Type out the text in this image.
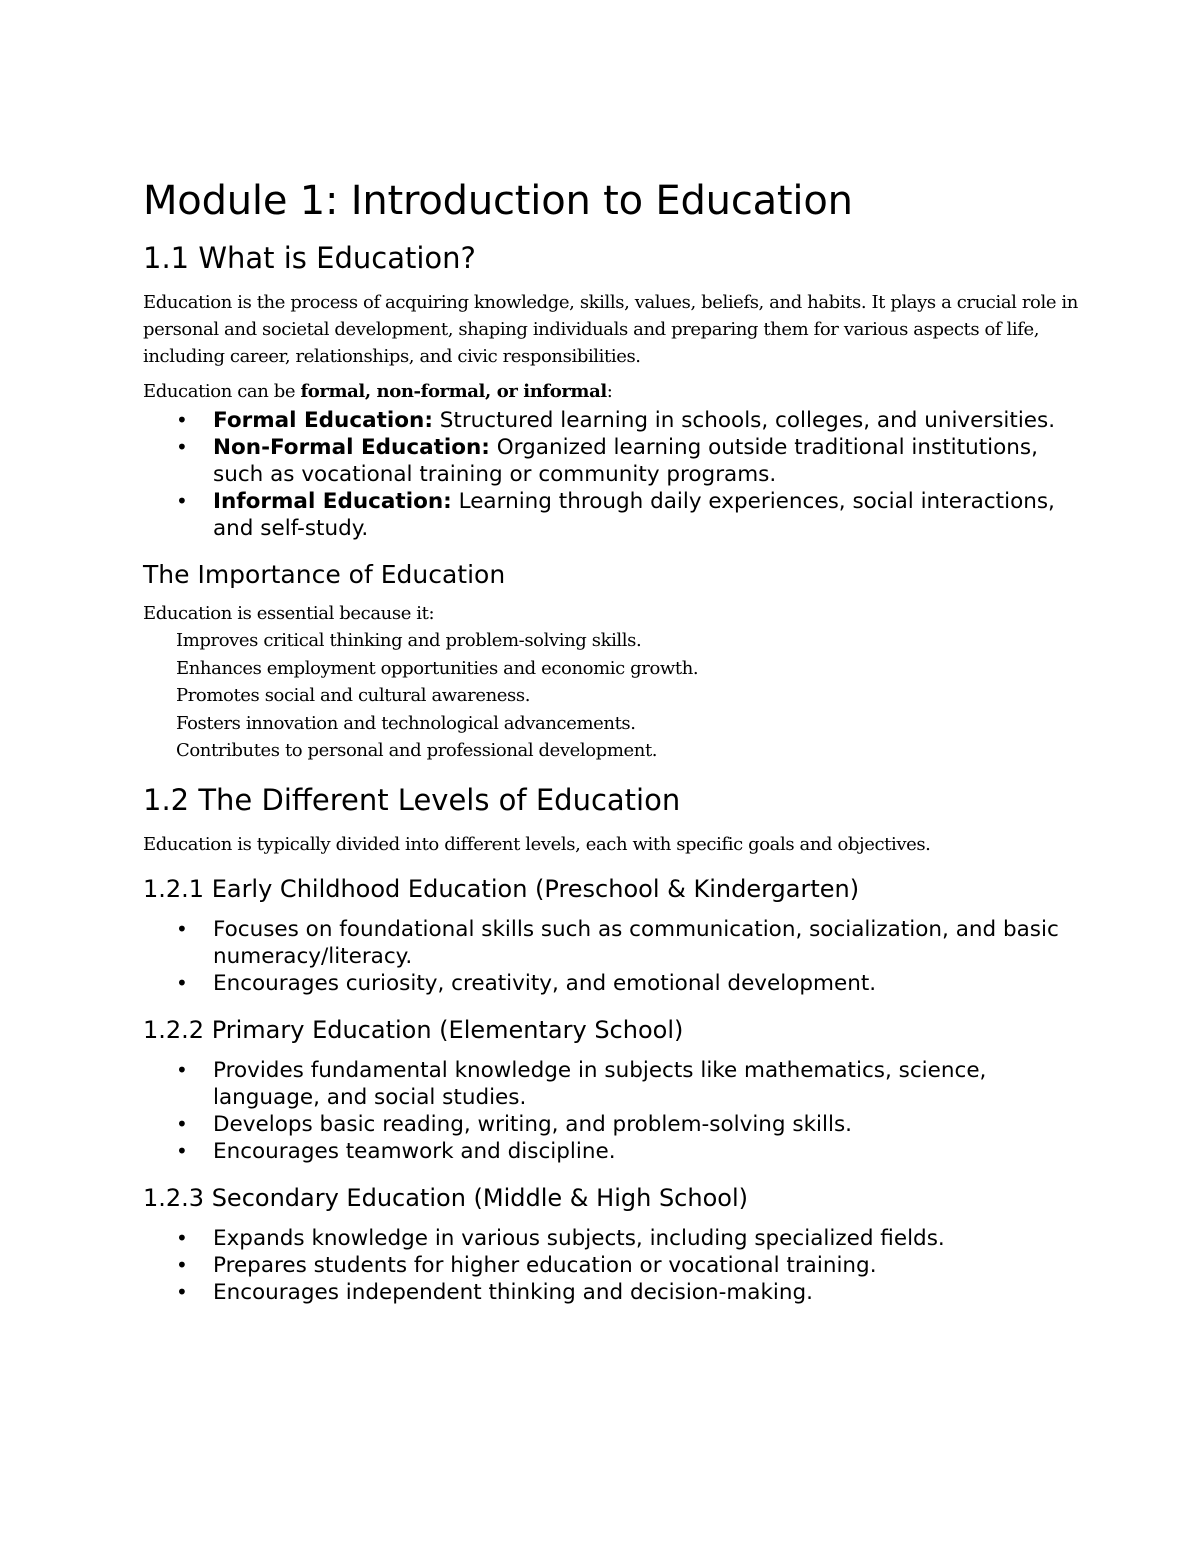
Module 1: Introduction to Education
1.1 What is Education?

Education is the process of acquiring knowledge, skills, values, beliefs, and habits. It plays a crucial role in personal and societal development, shaping individuals and preparing them for various aspects of life, including career, relationships, and civic responsibilities.

Education can be formal, non-formal, or informal:

• Formal Education: Structured learning in schools, colleges, and universities.
• Non-Formal Education: Organized learning outside traditional institutions, such as vocational training or community programs.
• Informal Education: Learning through daily experiences, social interactions, and self-study.
The Importance of Education

Education is essential because it:

Improves critical thinking and problem-solving skills.
Enhances employment opportunities and economic growth.
Promotes social and cultural awareness.
Fosters innovation and technological advancements.
Contributes to personal and professional development.
1.2 The Different Levels of Education

Education is typically divided into different levels, each with specific goals and objectives.

1.2.1 Early Childhood Education (Preschool & Kindergarten)
• Focuses on foundational skills such as communication, socialization, and basic numeracy/literacy.
• Encourages curiosity, creativity, and emotional development.
1.2.2 Primary Education (Elementary School)
• Provides fundamental knowledge in subjects like mathematics, science, language, and social studies.
• Develops basic reading, writing, and problem-solving skills.
• Encourages teamwork and discipline.
1.2.3 Secondary Education (Middle & High School)
• Expands knowledge in various subjects, including specialized fields.
• Prepares students for higher education or vocational training.
• Encourages independent thinking and decision-making.
